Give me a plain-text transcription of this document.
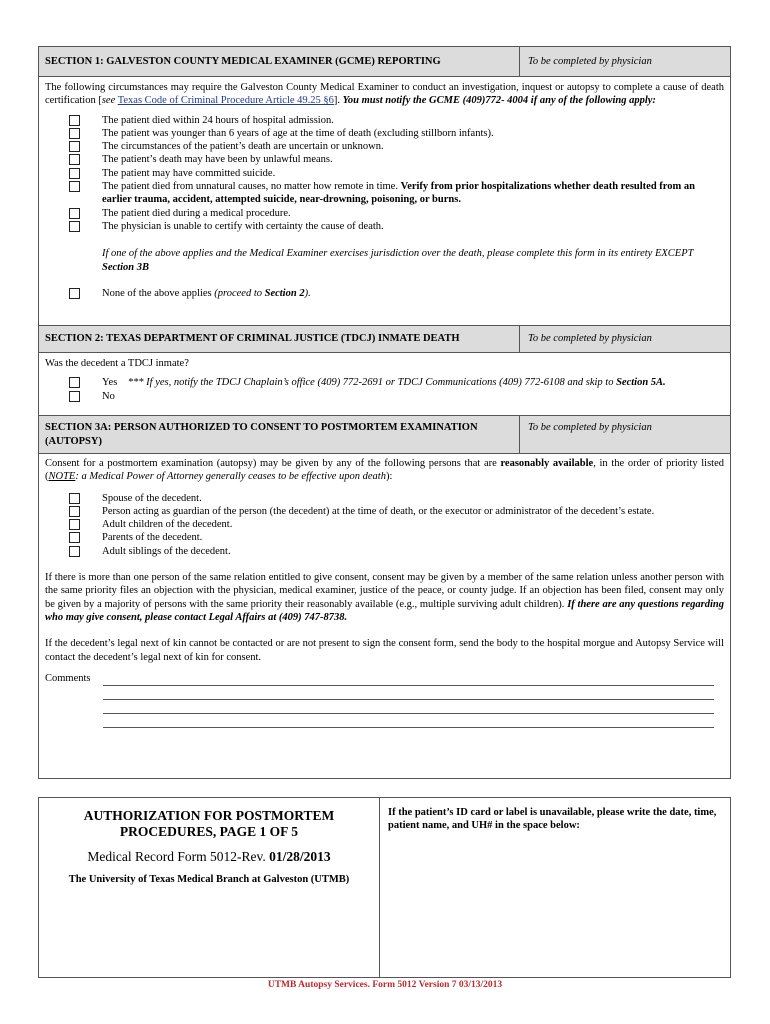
SECTION 1: GALVESTON COUNTY MEDICAL EXAMINER (GCME) REPORTING	To be completed by physician
The following circumstances may require the Galveston County Medical Examiner to conduct an investigation, inquest or autopsy to complete a cause of death certification [see Texas Code of Criminal Procedure Article 49.25 §6]. You must notify the GCME (409)772- 4004 if any of the following apply:
The patient died within 24 hours of hospital admission.
The patient was younger than 6 years of age at the time of death (excluding stillborn infants).
The circumstances of the patient’s death are uncertain or unknown.
The patient’s death may have been by unlawful means.
The patient may have committed suicide.
The patient died from unnatural causes, no matter how remote in time. Verify from prior hospitalizations whether death resulted from an earlier trauma, accident, attempted suicide, near-drowning, poisoning, or burns.
The patient died during a medical procedure.
The physician is unable to certify with certainty the cause of death.
If one of the above applies and the Medical Examiner exercises jurisdiction over the death, please complete this form in its entirety EXCEPT Section 3B
None of the above applies (proceed to Section 2).
SECTION 2: TEXAS DEPARTMENT OF CRIMINAL JUSTICE (TDCJ) INMATE DEATH	To be completed by physician
Was the decedent a TDCJ inmate?
Yes *** If yes, notify the TDCJ Chaplain’s office (409) 772-2691 or TDCJ Communications (409) 772-6108 and skip to Section 5A.
No
SECTION 3A: PERSON AUTHORIZED TO CONSENT TO POSTMORTEM EXAMINATION (AUTOPSY)
To be completed by physician
Consent for a postmortem examination (autopsy) may be given by any of the following persons that are reasonably available, in the order of priority listed (NOTE: a Medical Power of Attorney generally ceases to be effective upon death):
Spouse of the decedent.
Person acting as guardian of the person (the decedent) at the time of death, or the executor or administrator of the decedent’s estate.
Adult children of the decedent.
Parents of the decedent.
Adult siblings of the decedent.
If there is more than one person of the same relation entitled to give consent, consent may be given by a member of the same relation unless another person with the same priority files an objection with the physician, medical examiner, justice of the peace, or county judge. If an objection has been filed, consent may only be given by a majority of persons with the same priority their reasonably available (e.g., multiple surviving adult children). If there are any questions regarding who may give consent, please contact Legal Affairs at (409) 747-8738.
If the decedent’s legal next of kin cannot be contacted or are not present to sign the consent form, send the body to the hospital morgue and Autopsy Service will contact the decedent’s legal next of kin for consent.
Comments
AUTHORIZATION FOR POSTMORTEM
PROCEDURES, PAGE 1 OF 5
Medical Record Form 5012-Rev. 01/28/2013
The University of Texas Medical Branch at Galveston (UTMB)
If the patient’s ID card or label is unavailable, please write the date, time, patient name, and UH# in the space below:
UTMB Autopsy Services. Form 5012 Version 7 03/13/2013
